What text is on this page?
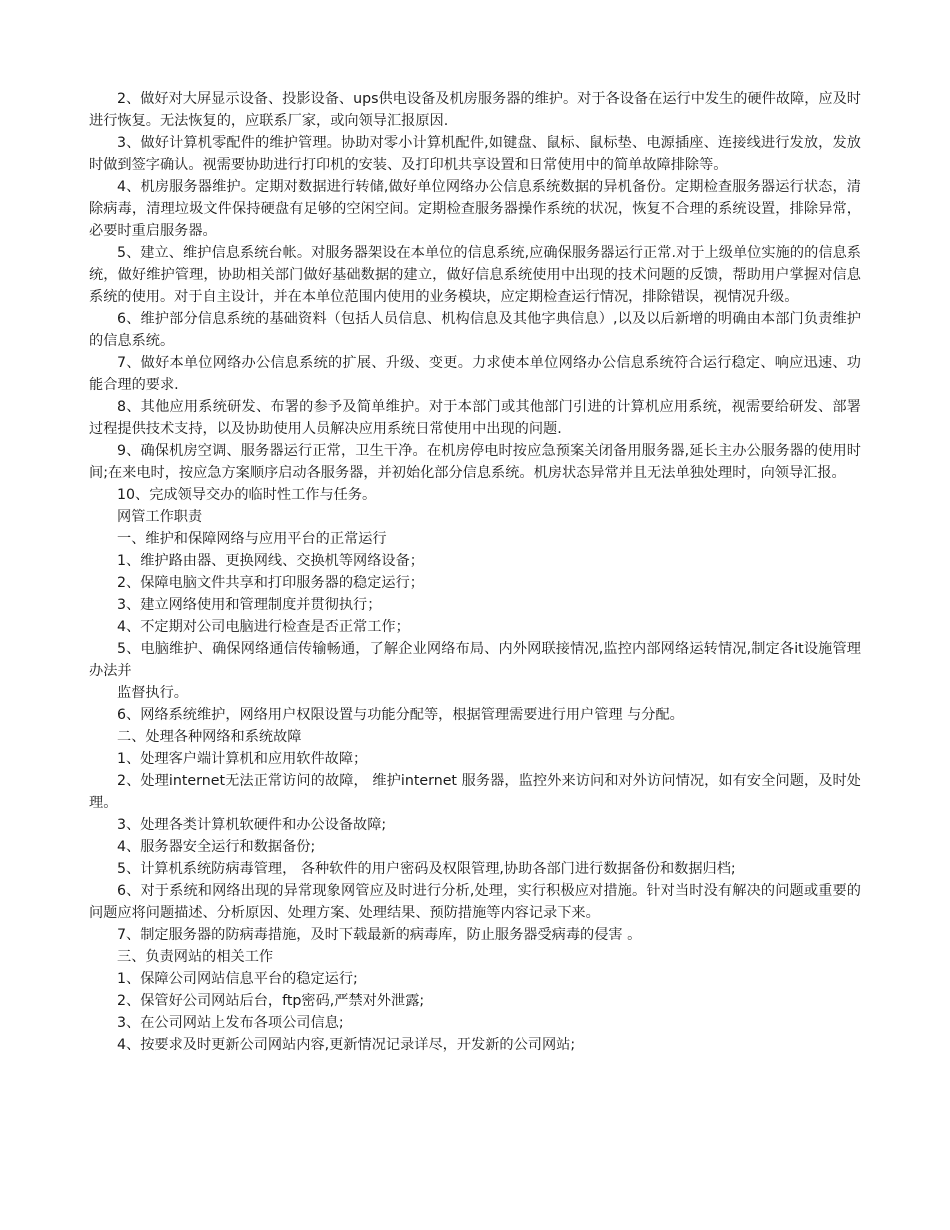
2、做好对大屏显示设备、投影设备、ups供电设备及机房服务器的维护。对于各设备在运行中发生的硬件故障，应及时进行恢复。无法恢复的，应联系厂家，或向领导汇报原因.

3、做好计算机零配件的维护管理。协助对零小计算机配件,如键盘、鼠标、鼠标垫、电源插座、连接线进行发放，发放时做到签字确认。视需要协助进行打印机的安装、及打印机共享设置和日常使用中的简单故障排除等。

4、机房服务器维护。定期对数据进行转储,做好单位网络办公信息系统数据的异机备份。定期检查服务器运行状态，清除病毒，清理垃圾文件保持硬盘有足够的空闲空间。定期检查服务器操作系统的状况，恢复不合理的系统设置，排除异常，必要时重启服务器。

5、建立、维护信息系统台帐。对服务器架设在本单位的信息系统,应确保服务器运行正常.对于上级单位实施的的信息系统，做好维护管理，协助相关部门做好基础数据的建立，做好信息系统使用中出现的技术问题的反馈，帮助用户掌握对信息系统的使用。对于自主设计，并在本单位范围内使用的业务模块，应定期检查运行情况，排除错误，视情况升级。

6、维护部分信息系统的基础资料（包括人员信息、机构信息及其他字典信息）,以及以后新增的明确由本部门负责维护的信息系统。

7、做好本单位网络办公信息系统的扩展、升级、变更。力求使本单位网络办公信息系统符合运行稳定、响应迅速、功能合理的要求.

8、其他应用系统研发、布署的参予及简单维护。对于本部门或其他部门引进的计算机应用系统，视需要给研发、部署过程提供技术支持，以及协助使用人员解决应用系统日常使用中出现的问题.

9、确保机房空调、服务器运行正常，卫生干净。在机房停电时按应急预案关闭备用服务器,延长主办公服务器的使用时间;在来电时，按应急方案顺序启动各服务器，并初始化部分信息系统。机房状态异常并且无法单独处理时，向领导汇报。

10、完成领导交办的临时性工作与任务。

网管工作职责

一、维护和保障网络与应用平台的正常运行

1、维护路由器、更换网线、交换机等网络设备；

2、保障电脑文件共享和打印服务器的稳定运行；

3、建立网络使用和管理制度并贯彻执行；

4、不定期对公司电脑进行检查是否正常工作；

5、电脑维护、确保网络通信传输畅通，了解企业网络布局、内外网联接情况,监控内部网络运转情况,制定各it设施管理办法并

监督执行。

6、网络系统维护，网络用户权限设置与功能分配等，根据管理需要进行用户管理 与分配。

二、处理各种网络和系统故障

1、处理客户端计算机和应用软件故障；

2、处理internet无法正常访问的故障， 维护internet 服务器，监控外来访问和对外访问情况，如有安全问题，及时处理。

3、处理各类计算机软硬件和办公设备故障;

4、服务器安全运行和数据备份;

5、计算机系统防病毒管理， 各种软件的用户密码及权限管理,协助各部门进行数据备份和数据归档;

6、对于系统和网络出现的异常现象网管应及时进行分析,处理，实行积极应对措施。针对当时没有解决的问题或重要的问题应将问题描述、分析原因、处理方案、处理结果、预防措施等内容记录下来。

7、制定服务器的防病毒措施，及时下载最新的病毒库，防止服务器受病毒的侵害 。

三、负责网站的相关工作

1、保障公司网站信息平台的稳定运行;

2、保管好公司网站后台，ftp密码,严禁对外泄露;

3、在公司网站上发布各项公司信息;

4、按要求及时更新公司网站内容,更新情况记录详尽，开发新的公司网站;
